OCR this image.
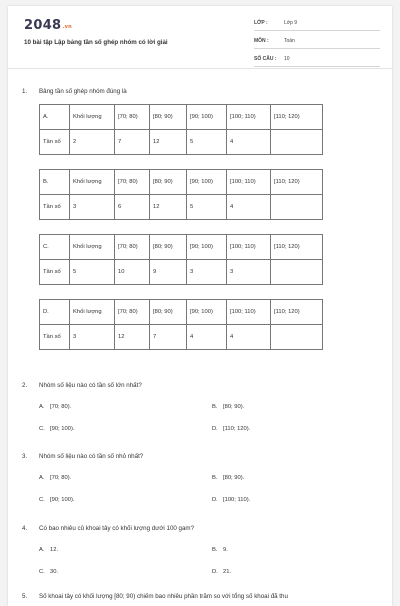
2048.vn
10 bài tập Lập bảng tần số ghép nhóm có lời giải
LỚP :	Lớp 9
MÔN :	Toán
SỐ CÂU :	10
1. Bảng tần số ghép nhóm đúng là
A.	Khối lượng	[70; 80)	[80; 90)	[90; 100)	[100; 110)	[110; 120)
Tần số	2	7	12	5	4	
B.	Khối lượng	[70; 80)	[80; 90)	[90; 100)	[100; 110)	[110; 120)
Tần số	3	6	12	5	4	
C.	Khối lượng	[70; 80)	[80; 90)	[90; 100)	[100; 110)	[110; 120)
Tần số	5	10	9	3	3	
D.	Khối lượng	[70; 80)	[80; 90)	[90; 100)	[100; 110)	[110; 120)
Tần số	3	12	7	4	4	
2. Nhóm số liệu nào có tần số lớn nhất?
A. [70; 80).	B. [80; 90).
C. [90; 100).	D. [110; 120).
3. Nhóm số liệu nào có tần số nhỏ nhất?
A. [70; 80).	B. [80; 90).
C. [90; 100).	D. [100; 110).
4. Có bao nhiêu củ khoai tây có khối lượng dưới 100 gam?
A. 12.	B. 9.
C. 30.	D. 21.
5. Số khoai tây có khối lượng [80; 90) chiếm bao nhiêu phần trăm so với tổng số khoai đã thu
